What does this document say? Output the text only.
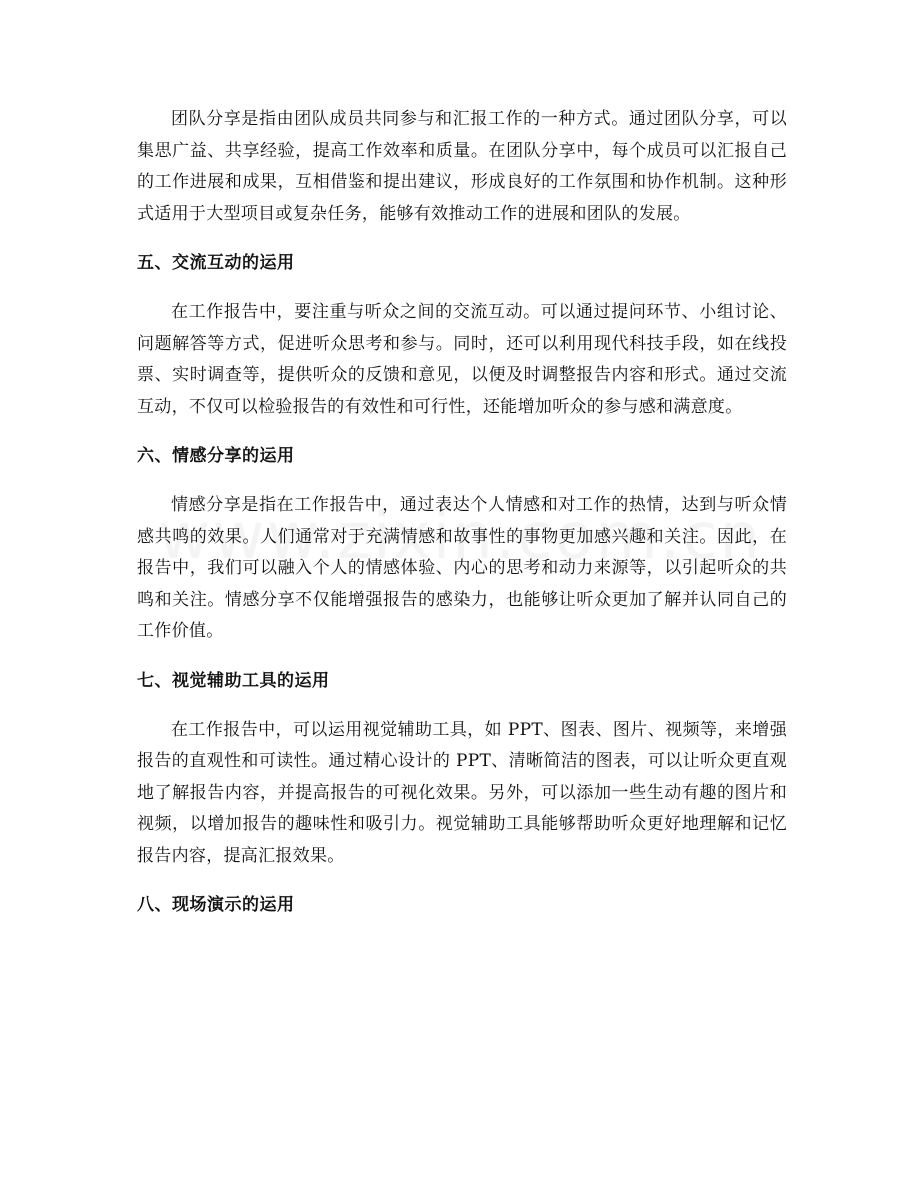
团队分享是指由团队成员共同参与和汇报工作的一种方式。通过团队分享，可以集思广益、共享经验，提高工作效率和质量。在团队分享中，每个成员可以汇报自己的工作进展和成果，互相借鉴和提出建议，形成良好的工作氛围和协作机制。这种形式适用于大型项目或复杂任务，能够有效推动工作的进展和团队的发展。

五、交流互动的运用

在工作报告中，要注重与听众之间的交流互动。可以通过提问环节、小组讨论、问题解答等方式，促进听众思考和参与。同时，还可以利用现代科技手段，如在线投票、实时调查等，提供听众的反馈和意见，以便及时调整报告内容和形式。通过交流互动，不仅可以检验报告的有效性和可行性，还能增加听众的参与感和满意度。

六、情感分享的运用

情感分享是指在工作报告中，通过表达个人情感和对工作的热情，达到与听众情感共鸣的效果。人们通常对于充满情感和故事性的事物更加感兴趣和关注。因此，在报告中，我们可以融入个人的情感体验、内心的思考和动力来源等，以引起听众的共鸣和关注。情感分享不仅能增强报告的感染力，也能够让听众更加了解并认同自己的工作价值。

七、视觉辅助工具的运用

在工作报告中，可以运用视觉辅助工具，如 PPT、图表、图片、视频等，来增强报告的直观性和可读性。通过精心设计的 PPT、清晰简洁的图表，可以让听众更直观地了解报告内容，并提高报告的可视化效果。另外，可以添加一些生动有趣的图片和视频，以增加报告的趣味性和吸引力。视觉辅助工具能够帮助听众更好地理解和记忆报告内容，提高汇报效果。

八、现场演示的运用
